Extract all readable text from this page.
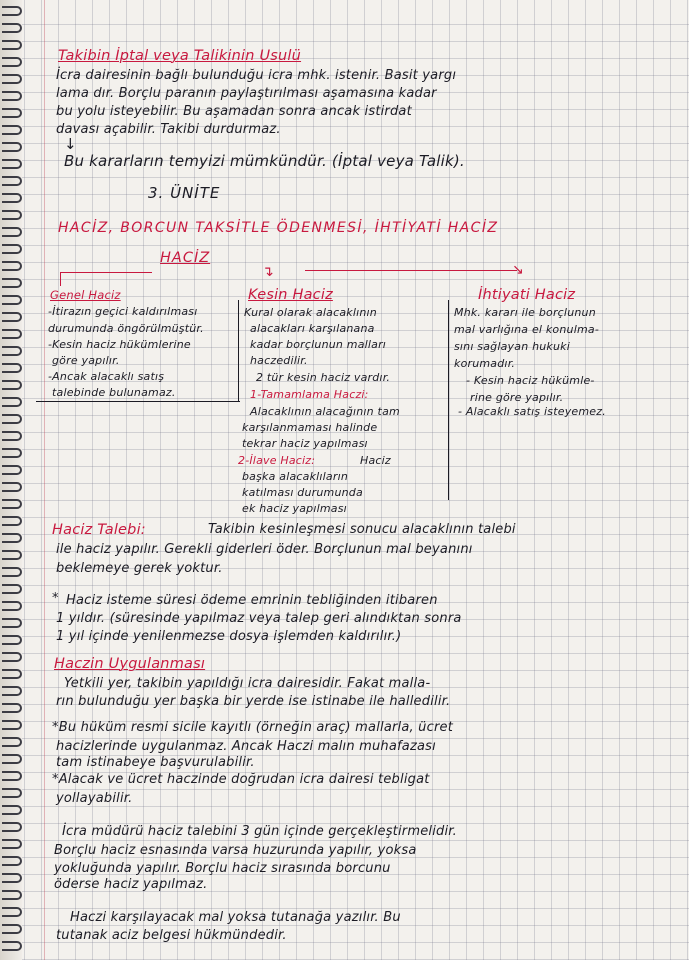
Takibin İptal veya Talikinin Usulü
İcra dairesinin bağlı bulunduğu icra mhk. istenir. Basit yargı
lama dır. Borçlu paranın paylaştırılması aşamasına kadar
bu yolu isteyebilir. Bu aşamadan sonra ancak istirdat
davası açabilir. Takibi durdurmaz.
↓
Bu kararların temyizi mümkündür. (İptal veya Talik).
3. ÜNİTE
HACİZ, BORCUN TAKSİTLE ÖDENMESİ, İHTİYATİ HACİZ
HACİZ
↴	↘
Genel Haciz	Kesin Haciz	İhtiyati Haciz
-İtirazın geçici kaldırılması
durumunda öngörülmüştür.
-Kesin haciz hükümlerine
göre yapılır.
-Ancak alacaklı satış
talebinde bulunamaz.
Kural olarak alacaklının
alacakları karşılanana
kadar borçlunun malları
haczedilir.
2 tür kesin haciz vardır.
1-Tamamlama Haczi:
Alacaklının alacağının tam
karşılanmaması halinde
tekrar haciz yapılması
2-İlave Haciz:	Haciz
başka alacaklıların
katılması durumunda
ek haciz yapılması
Mhk. kararı ile borçlunun
mal varlığına el konulma-
sını sağlayan hukuki
korumadır.
- Kesin haciz hükümle-
rine göre yapılır.
- Alacaklı satış isteyemez.
Haciz Talebi:	Takibin kesinleşmesi sonucu alacaklının talebi
ile haciz yapılır. Gerekli giderleri öder. Borçlunun mal beyanını
beklemeye gerek yoktur.
* Haciz isteme süresi ödeme emrinin tebliğinden itibaren
1 yıldır. (süresinde yapılmaz veya talep geri alındıktan sonra
1 yıl içinde yenilenmezse dosya işlemden kaldırılır.)
Haczin Uygulanması
Yetkili yer, takibin yapıldığı icra dairesidir. Fakat malla-
rın bulunduğu yer başka bir yerde ise istinabe ile halledilir.
*Bu hüküm resmi sicile kayıtlı (örneğin araç) mallarla, ücret
hacizlerinde uygulanmaz. Ancak Haczi malın muhafazası
tam istinabeye başvurulabilir.
*Alacak ve ücret haczinde doğrudan icra dairesi tebligat
yollayabilir.
İcra müdürü haciz talebini 3 gün içinde gerçekleştirmelidir.
Borçlu haciz esnasında varsa huzurunda yapılır, yoksa
yokluğunda yapılır. Borçlu haciz sırasında borcunu
öderse haciz yapılmaz.
Haczi karşılayacak mal yoksa tutanağa yazılır. Bu
tutanak aciz belgesi hükmündedir.
